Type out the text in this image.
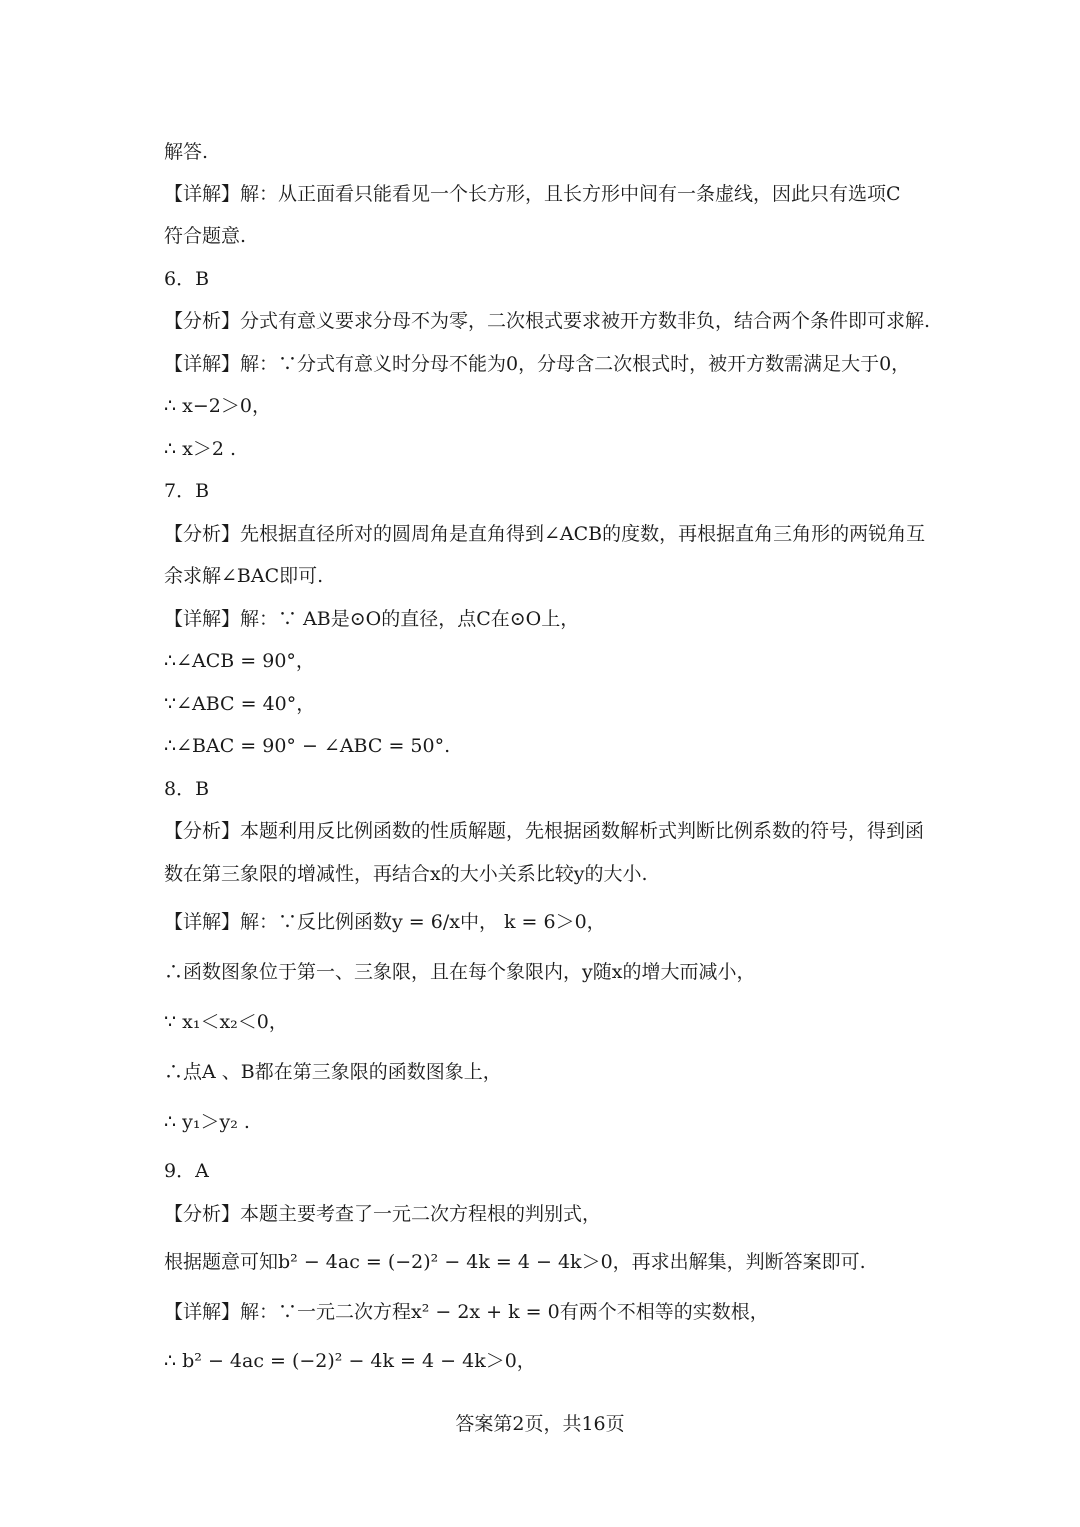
解答.
【详解】解：从正面看只能看见一个长方形，且长方形中间有一条虚线，因此只有选项C
符合题意.
6．B
【分析】分式有意义要求分母不为零，二次根式要求被开方数非负，结合两个条件即可求解.
【详解】解：∵分式有意义时分母不能为0，分母含二次根式时，被开方数需满足大于0，
∴ x−2＞0，
∴ x＞2 .
7．B
【分析】先根据直径所对的圆周角是直角得到∠ACB的度数，再根据直角三角形的两锐角互
余求解∠BAC即可.
【详解】解：∵ AB是⊙O的直径，点C在⊙O上，
∴∠ACB = 90°，
∵∠ABC = 40°，
∴∠BAC = 90° − ∠ABC = 50°.
8．B
【分析】本题利用反比例函数的性质解题，先根据函数解析式判断比例系数的符号，得到函
数在第三象限的增减性，再结合x的大小关系比较y的大小.
【详解】解：∵反比例函数y = 6/x中， k = 6＞0，
∴函数图象位于第一、三象限，且在每个象限内，y随x的增大而减小，
∵ x₁＜x₂＜0，
∴点A 、B都在第三象限的函数图象上，
∴ y₁＞y₂ .
9．A
【分析】本题主要考查了一元二次方程根的判别式，
根据题意可知b² − 4ac = (−2)² − 4k = 4 − 4k＞0，再求出解集，判断答案即可.
【详解】解：∵一元二次方程x² − 2x + k = 0有两个不相等的实数根，
∴ b² − 4ac = (−2)² − 4k = 4 − 4k＞0，
答案第2页，共16页
